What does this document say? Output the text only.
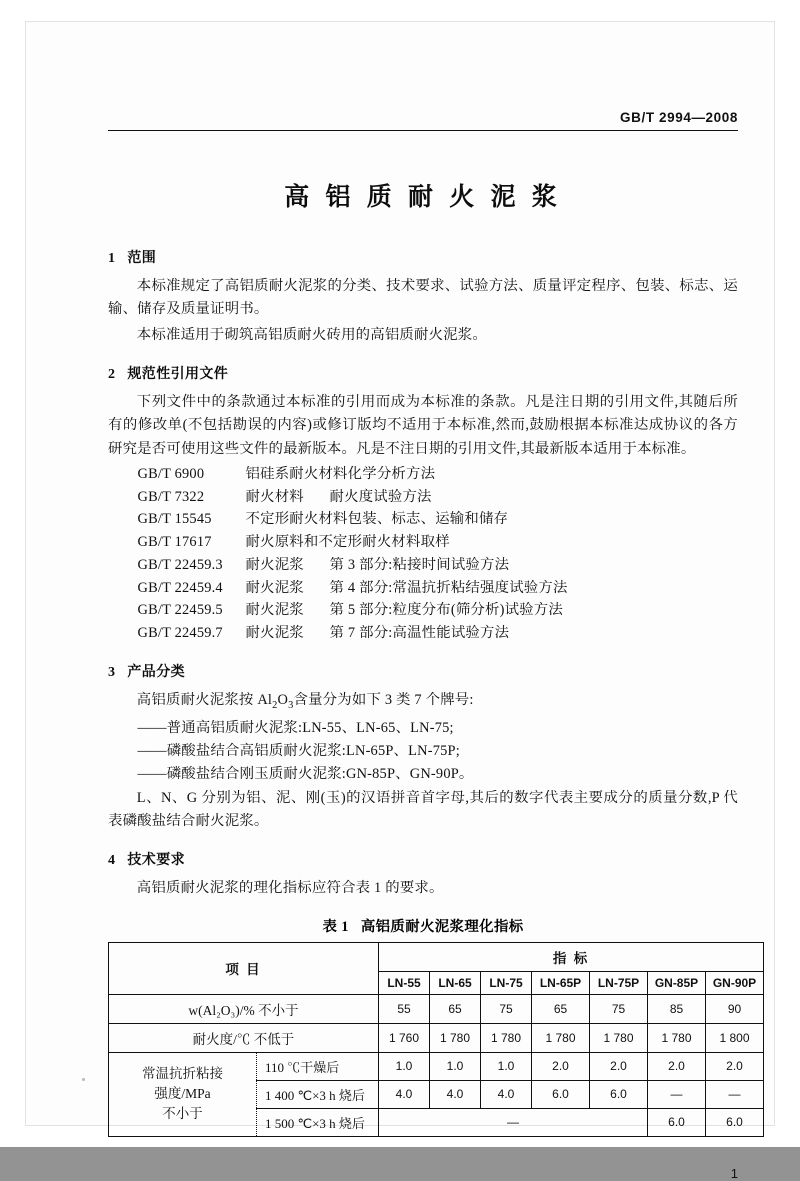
GB/T 2994—2008
高 铝 质 耐 火 泥 浆
1 范围

本标准规定了高铝质耐火泥浆的分类、技术要求、试验方法、质量评定程序、包装、标志、运输、储存及质量证明书。

本标准适用于砌筑高铝质耐火砖用的高铝质耐火泥浆。

2 规范性引用文件

下列文件中的条款通过本标准的引用而成为本标准的条款。凡是注日期的引用文件,其随后所有的修改单(不包括勘误的内容)或修订版均不适用于本标准,然而,鼓励根据本标准达成协议的各方研究是否可使用这些文件的最新版本。凡是不注日期的引用文件,其最新版本适用于本标准。

GB/T 6900	铝硅系耐火材料化学分析方法

GB/T 7322	耐火材料 耐火度试验方法

GB/T 15545 不定形耐火材料包装、标志、运输和储存

GB/T 17617 耐火原料和不定形耐火材料取样

GB/T 22459.3 耐火泥浆 第 3 部分:粘接时间试验方法

GB/T 22459.4 耐火泥浆 第 4 部分:常温抗折粘结强度试验方法

GB/T 22459.5 耐火泥浆 第 5 部分:粒度分布(筛分析)试验方法

GB/T 22459.7 耐火泥浆 第 7 部分:高温性能试验方法

3 产品分类

高铝质耐火泥浆按 $Al_2O_3$含量分为如下 3 类 7 个牌号:

——普通高铝质耐火泥浆:LN-55、LN-65、LN-75;

——磷酸盐结合高铝质耐火泥浆:LN-65P、LN-75P;

——磷酸盐结合刚玉质耐火泥浆:GN-85P、GN-90P。

L、N、G 分别为铝、泥、刚(玉)的汉语拼音首字母,其后的数字代表主要成分的质量分数,P 代表磷酸盐结合耐火泥浆。

4 技术要求

高铝质耐火泥浆的理化指标应符合表 1 的要求。

表 1 高铝质耐火泥浆理化指标
项 目		指 标						
		LN-55	LN-65	LN-75	LN-65P	LN-75P	GN-85P	GN-90P
w(Al₂O₃)/% 不小于		55	65	75	65	75	85	90
耐火度/℃ 不低于		1 760	1 780	1 780	1 780	1 780	1 780	1 800

常温抗折粘接
强度/MPa
不小于	110 ℃干燥后	1.0	1.0	1.0	2.0	2.0	2.0	2.0
	1 400 ℃×3 h 烧后	4.0	4.0	4.0	6.0	6.0	—	—
	1 500 ℃×3 h 烧后	—					6.0	6.0
1
